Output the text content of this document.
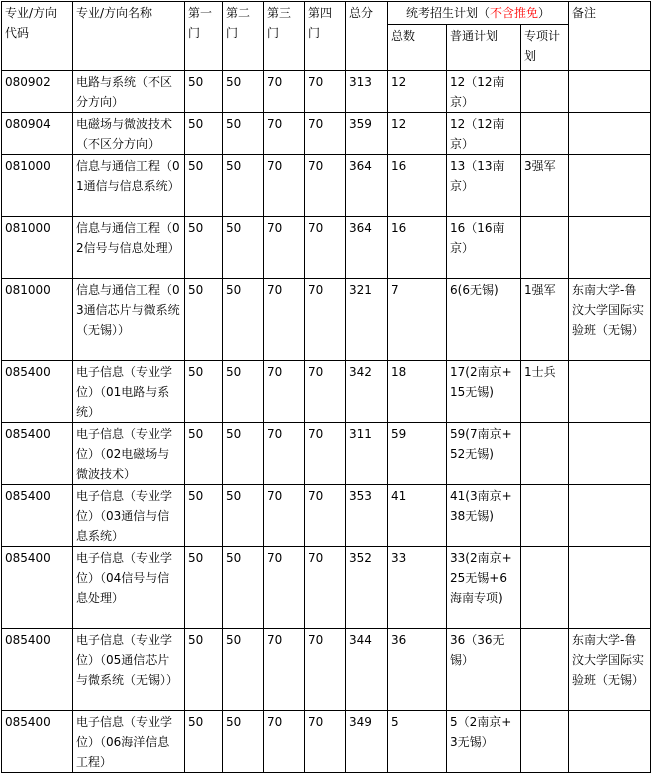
专业/方向代码	专业/方向名称	第一门	第二门	第三门	第四门	总分	统考招生计划（不含推免）			备注
							总数	普通计划	专项计划	
080902	电路与系统（不区分方向）	50	50	70	70	313	12	12（12南京）		
080904	电磁场与微波技术（不区分方向）	50	50	70	70	359	12	12（12南京）		
081000	信息与通信工程（01通信与信息系统）	50	50	70	70	364	16	13（13南京）	3强军	
081000	信息与通信工程（02信号与信息处理）	50	50	70	70	364	16	16（16南京）		
081000	信息与通信工程（03通信芯片与微系统（无锡））	50	50	70	70	321	7	6(6无锡)	1强军	东南大学-鲁汶大学国际实验班（无锡）
085400	电子信息（专业学位）（01电路与系统）	50	50	70	70	342	18	17(2南京+15无锡)	1士兵	
085400	电子信息（专业学位）（02电磁场与微波技术）	50	50	70	70	311	59	59(7南京+52无锡)		
085400	电子信息（专业学位）（03通信与信息系统）	50	50	70	70	353	41	41(3南京+38无锡)		
085400	电子信息（专业学位）（04信号与信息处理）	50	50	70	70	352	33	33(2南京+25无锡+6海南专项)		
085400	电子信息（专业学位）（05通信芯片与微系统（无锡））	50	50	70	70	344	36	36（36无锡）		东南大学-鲁汶大学国际实验班（无锡）
085400	电子信息（专业学位）（06海洋信息工程）	50	50	70	70	349	5	5（2南京+3无锡）		
